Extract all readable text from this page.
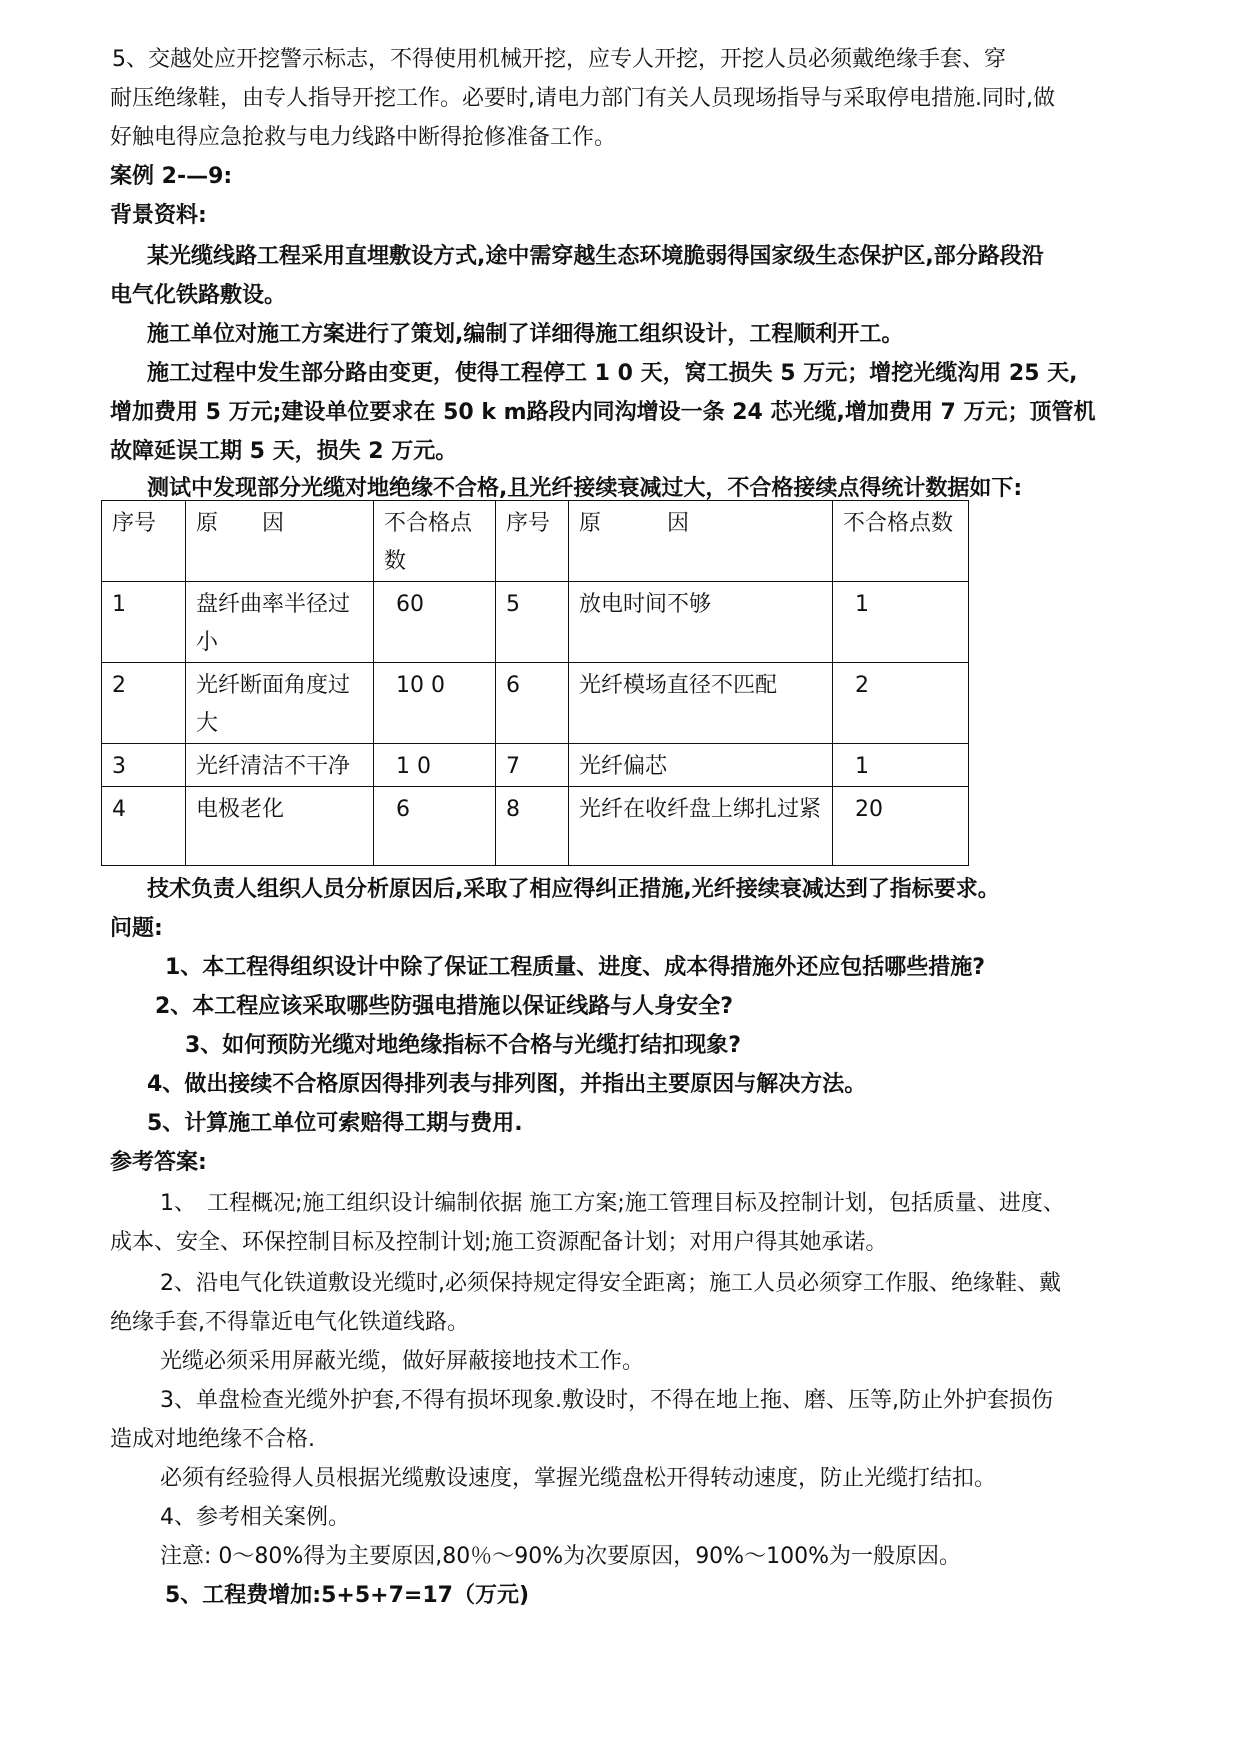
5、交越处应开挖警示标志，不得使用机械开挖，应专人开挖，开挖人员必须戴绝缘手套、穿
耐压绝缘鞋，由专人指导开挖工作。必要时,请电力部门有关人员现场指导与采取停电措施.同时,做
好触电得应急抢救与电力线路中断得抢修准备工作。
案例 2-—9:
背景资料:
某光缆线路工程采用直埋敷设方式,途中需穿越生态环境脆弱得国家级生态保护区,部分路段沿
电气化铁路敷设。
施工单位对施工方案进行了策划,编制了详细得施工组织设计，工程顺利开工。
施工过程中发生部分路由变更，使得工程停工 1 0 天，窝工损失 5 万元；增挖光缆沟用 25 天,
增加费用 5 万元;建设单位要求在 50 k m路段内同沟增设一条 24 芯光缆,增加费用 7 万元；顶管机
故障延误工期 5 天，损失 2 万元。
测试中发现部分光缆对地绝缘不合格,且光纤接续衰减过大，不合格接续点得统计数据如下:
序号	原　　因	不合格点数	序号	原　　　因	不合格点数
1	盘纤曲率半径过小	60	5	放电时间不够	1
2	光纤断面角度过大	10 0	6	光纤模场直径不匹配	2
3	光纤清洁不干净	1 0	7	光纤偏芯	1
4	电极老化	6	8	光纤在收纤盘上绑扎过紧	20
技术负责人组织人员分析原因后,采取了相应得纠正措施,光纤接续衰减达到了指标要求。
问题:
1、本工程得组织设计中除了保证工程质量、进度、成本得措施外还应包括哪些措施?
2、本工程应该采取哪些防强电措施以保证线路与人身安全?
3、如何预防光缆对地绝缘指标不合格与光缆打结扣现象?
4、做出接续不合格原因得排列表与排列图，并指出主要原因与解决方法。
5、计算施工单位可索赔得工期与费用.
参考答案:
1、　工程概况;施工组织设计编制依据 施工方案;施工管理目标及控制计划，包括质量、进度、
成本、安全、环保控制目标及控制计划;施工资源配备计划；对用户得其她承诺。
2、沿电气化铁道敷设光缆时,必须保持规定得安全距离；施工人员必须穿工作服、绝缘鞋、戴
绝缘手套,不得靠近电气化铁道线路。
光缆必须采用屏蔽光缆，做好屏蔽接地技术工作。
3、单盘检查光缆外护套,不得有损坏现象.敷设时，不得在地上拖、磨、压等,防止外护套损伤
造成对地绝缘不合格.
必须有经验得人员根据光缆敷设速度，掌握光缆盘松开得转动速度，防止光缆打结扣。
4、参考相关案例。
注意: 0～80%得为主要原因,80％～90%为次要原因，90%～100%为一般原因。
5、工程费增加:5+5+7=17（万元)
